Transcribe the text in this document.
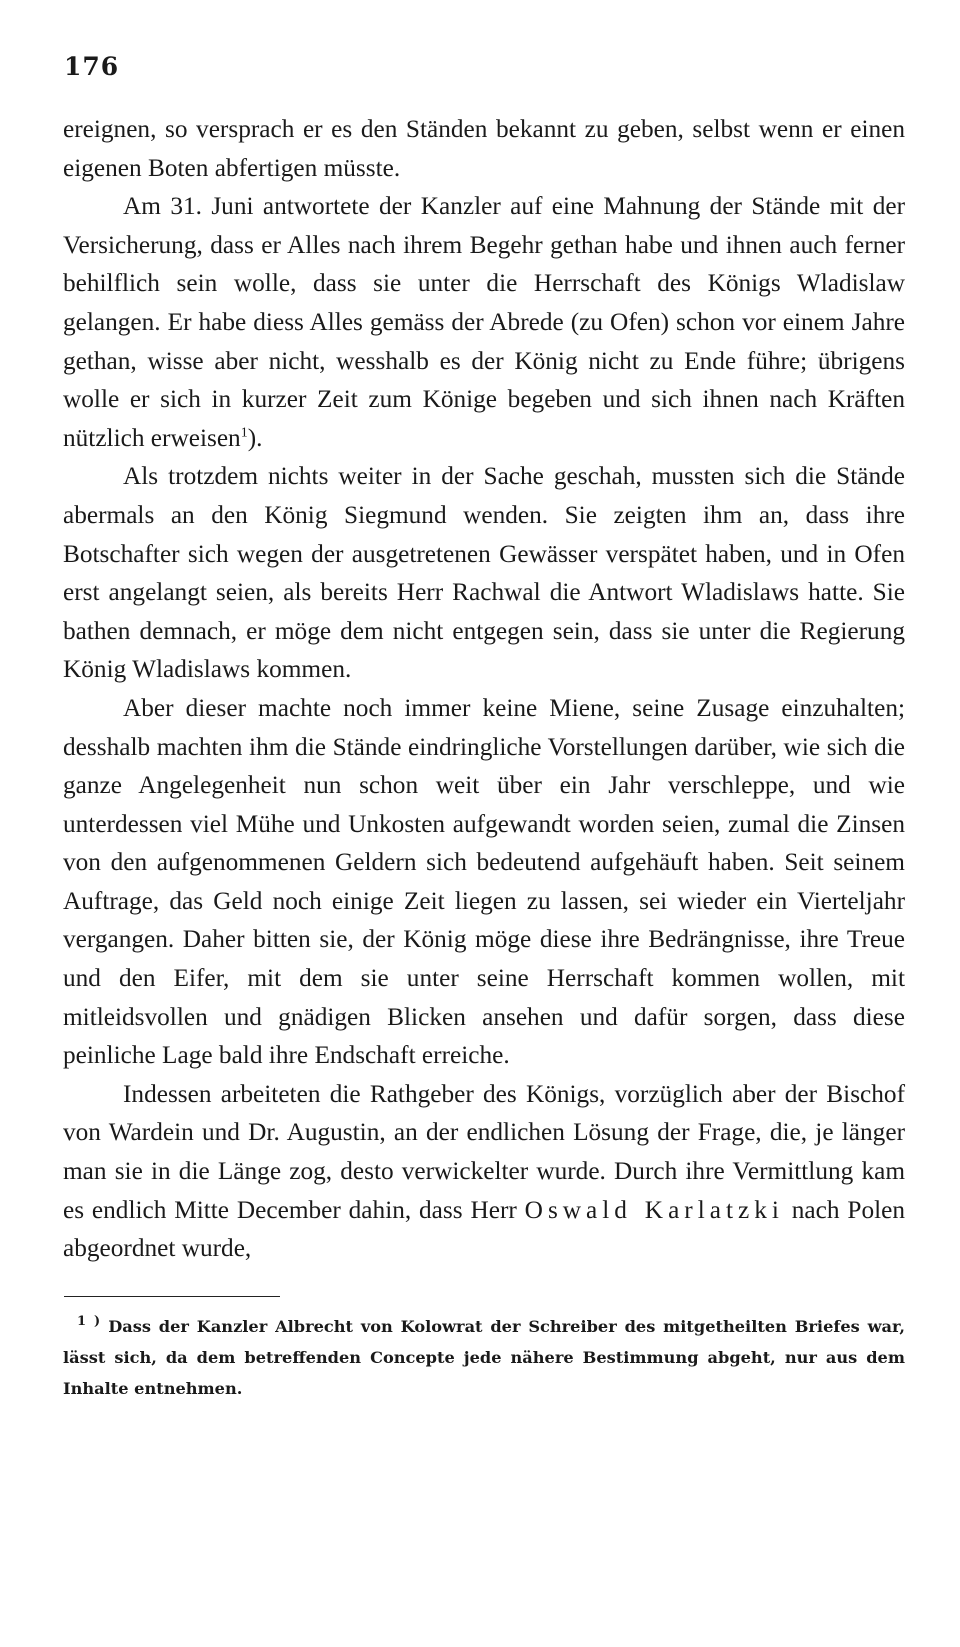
176

ereignen, so versprach er es den Ständen bekannt zu geben, selbst wenn er einen eigenen Boten abfertigen müsste.

Am 31. Juni antwortete der Kanzler auf eine Mahnung der Stände mit der Versicherung, dass er Alles nach ihrem Begehr gethan habe und ihnen auch ferner behilflich sein wolle, dass sie unter die Herrschaft des Königs Wladislaw gelangen. Er habe diess Alles gemäss der Abrede (zu Ofen) schon vor einem Jahre gethan, wisse aber nicht, wesshalb es der König nicht zu Ende führe; übrigens wolle er sich in kurzer Zeit zum Könige begeben und sich ihnen nach Kräften nützlich erweisen$^1$).

Als trotzdem nichts weiter in der Sache geschah, mussten sich die Stände abermals an den König Siegmund wenden. Sie zeigten ihm an, dass ihre Botschafter sich wegen der ausgetretenen Gewässer verspätet haben, und in Ofen erst angelangt seien, als bereits Herr Rachwal die Antwort Wladislaws hatte. Sie bathen demnach, er möge dem nicht entgegen sein, dass sie unter die Regierung König Wladislaws kommen.

Aber dieser machte noch immer keine Miene, seine Zusage einzuhalten; desshalb machten ihm die Stände eindringliche Vorstellungen darüber, wie sich die ganze Angelegenheit nun schon weit über ein Jahr verschleppe, und wie unterdessen viel Mühe und Unkosten aufgewandt worden seien, zumal die Zinsen von den aufgenommenen Geldern sich bedeutend aufgehäuft haben. Seit seinem Auftrage, das Geld noch einige Zeit liegen zu lassen, sei wieder ein Vierteljahr vergangen. Daher bitten sie, der König möge diese ihre Bedrängnisse, ihre Treue und den Eifer, mit dem sie unter seine Herrschaft kommen wollen, mit mitleidsvollen und gnädigen Blicken ansehen und dafür sorgen, dass diese peinliche Lage bald ihre Endschaft erreiche.

Indessen arbeiteten die Rathgeber des Königs, vorzüglich aber der Bischof von Wardein und Dr. Augustin, an der endlichen Lösung der Frage, die, je länger man sie in die Länge zog, desto verwickelter wurde. Durch ihre Vermittlung kam es endlich Mitte December dahin, dass Herr Oswald Karlatzki nach Polen abgeordnet wurde,

$^1$ ) Dass der Kanzler Albrecht von Kolowrat der Schreiber des mitgetheilten Briefes war, lässt sich, da dem betreffenden Concepte jede nähere Bestimmung abgeht, nur aus dem Inhalte entnehmen.
